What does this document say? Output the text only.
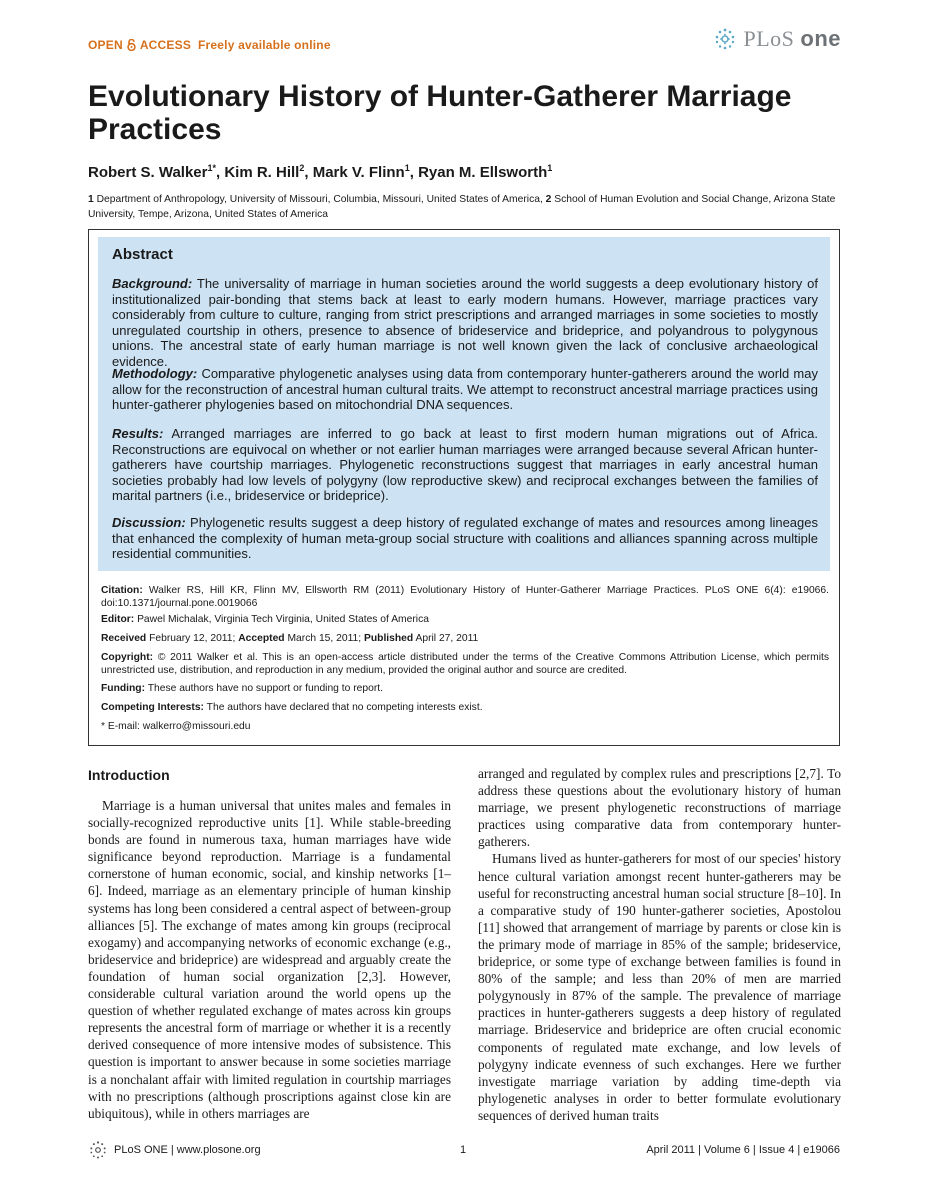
OPEN ACCESS Freely available online	PLoS one
Evolutionary History of Hunter-Gatherer Marriage Practices
Robert S. Walker$^{1*}$, Kim R. Hill$^2$, Mark V. Flinn$^1$, Ryan M. Ellsworth$^1$
1 Department of Anthropology, University of Missouri, Columbia, Missouri, United States of America, 2 School of Human Evolution and Social Change, Arizona State University, Tempe, Arizona, United States of America
Abstract
Background: The universality of marriage in human societies around the world suggests a deep evolutionary history of institutionalized pair-bonding that stems back at least to early modern humans. However, marriage practices vary considerably from culture to culture, ranging from strict prescriptions and arranged marriages in some societies to mostly unregulated courtship in others, presence to absence of brideservice and brideprice, and polyandrous to polygynous unions. The ancestral state of early human marriage is not well known given the lack of conclusive archaeological evidence.
Methodology: Comparative phylogenetic analyses using data from contemporary hunter-gatherers around the world may allow for the reconstruction of ancestral human cultural traits. We attempt to reconstruct ancestral marriage practices using hunter-gatherer phylogenies based on mitochondrial DNA sequences.
Results: Arranged marriages are inferred to go back at least to first modern human migrations out of Africa. Reconstructions are equivocal on whether or not earlier human marriages were arranged because several African hunter-gatherers have courtship marriages. Phylogenetic reconstructions suggest that marriages in early ancestral human societies probably had low levels of polygyny (low reproductive skew) and reciprocal exchanges between the families of marital partners (i.e., brideservice or brideprice).
Discussion: Phylogenetic results suggest a deep history of regulated exchange of mates and resources among lineages that enhanced the complexity of human meta-group social structure with coalitions and alliances spanning across multiple residential communities.
Citation: Walker RS, Hill KR, Flinn MV, Ellsworth RM (2011) Evolutionary History of Hunter-Gatherer Marriage Practices. PLoS ONE 6(4): e19066. doi:10.1371/journal.pone.0019066
Editor: Pawel Michalak, Virginia Tech Virginia, United States of America
Received February 12, 2011; Accepted March 15, 2011; Published April 27, 2011
Copyright: © 2011 Walker et al. This is an open-access article distributed under the terms of the Creative Commons Attribution License, which permits unrestricted use, distribution, and reproduction in any medium, provided the original author and source are credited.
Funding: These authors have no support or funding to report.
Competing Interests: The authors have declared that no competing interests exist.
* E-mail: walkerro@missouri.edu
Introduction

Marriage is a human universal that unites males and females in socially-recognized reproductive units [1]. While stable-breeding bonds are found in numerous taxa, human marriages have wide significance beyond reproduction. Marriage is a fundamental cornerstone of human economic, social, and kinship networks [1–6]. Indeed, marriage as an elementary principle of human kinship systems has long been considered a central aspect of between-group alliances [5]. The exchange of mates among kin groups (reciprocal exogamy) and accompanying networks of economic exchange (e.g., brideservice and brideprice) are widespread and arguably create the foundation of human social organization [2,3]. However, considerable cultural variation around the world opens up the question of whether regulated exchange of mates across kin groups represents the ancestral form of marriage or whether it is a recently derived consequence of more intensive modes of subsistence. This question is important to answer because in some societies marriage is a nonchalant affair with limited regulation in courtship marriages with no prescriptions (although proscriptions against close kin are ubiquitous), while in others marriages are

arranged and regulated by complex rules and prescriptions [2,7]. To address these questions about the evolutionary history of human marriage, we present phylogenetic reconstructions of marriage practices using comparative data from contemporary hunter-gatherers.

Humans lived as hunter-gatherers for most of our species' history hence cultural variation amongst recent hunter-gatherers may be useful for reconstructing ancestral human social structure [8–10]. In a comparative study of 190 hunter-gatherer societies, Apostolou [11] showed that arrangement of marriage by parents or close kin is the primary mode of marriage in 85% of the sample; brideservice, brideprice, or some type of exchange between families is found in 80% of the sample; and less than 20% of men are married polygynously in 87% of the sample. The prevalence of marriage practices in hunter-gatherers suggests a deep history of regulated marriage. Brideservice and brideprice are often crucial economic components of regulated mate exchange, and low levels of polygyny indicate evenness of such exchanges. Here we further investigate marriage variation by adding time-depth via phylogenetic analyses in order to better formulate evolutionary sequences of derived human traits

PLoS ONE | www.plosone.org	1	April 2011 | Volume 6 | Issue 4 | e19066
